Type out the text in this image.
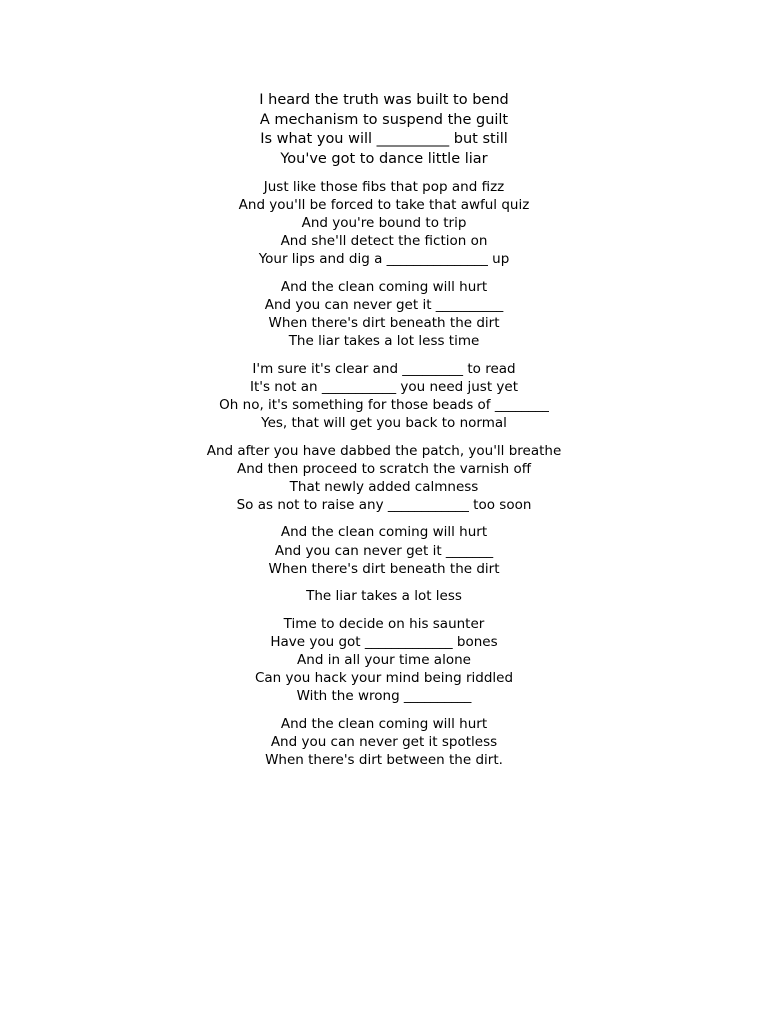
I heard the truth was built to bend
A mechanism to suspend the guilt
Is what you will __________ but still
You've got to dance little liar
Just like those fibs that pop and fizz
And you'll be forced to take that awful quiz
And you're bound to trip
And she'll detect the fiction on
Your lips and dig a _______________ up
And the clean coming will hurt
And you can never get it __________
When there's dirt beneath the dirt
The liar takes a lot less time
I'm sure it's clear and _________ to read
It's not an ___________ you need just yet
Oh no, it's something for those beads of ________
Yes, that will get you back to normal
And after you have dabbed the patch, you'll breathe
And then proceed to scratch the varnish off
That newly added calmness
So as not to raise any ____________ too soon
And the clean coming will hurt
And you can never get it _______
When there's dirt beneath the dirt
The liar takes a lot less
Time to decide on his saunter
Have you got _____________ bones
And in all your time alone
Can you hack your mind being riddled
With the wrong __________
And the clean coming will hurt
And you can never get it spotless
When there's dirt between the dirt.
